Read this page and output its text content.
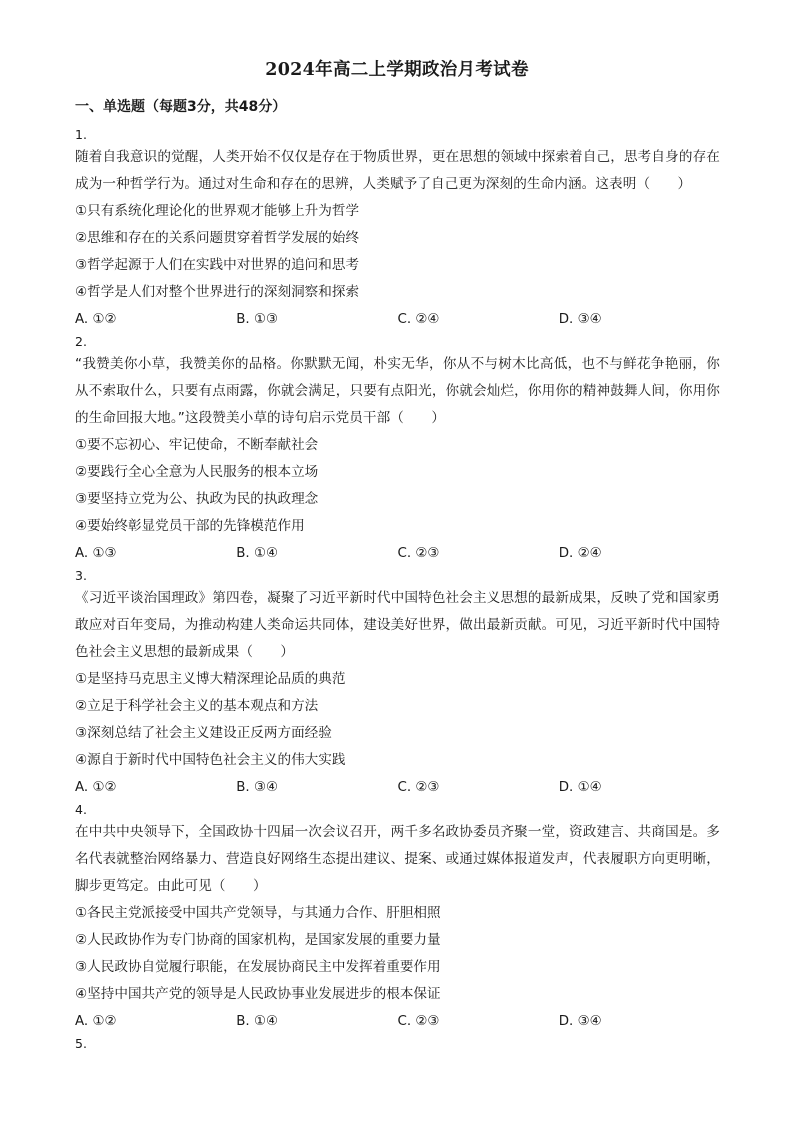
2024年高二上学期政治月考试卷
一、单选题（每题3分，共48分）
1.
随着自我意识的觉醒，人类开始不仅仅是存在于物质世界，更在思想的领域中探索着自己，思考自身的存在成为一种哲学行为。通过对生命和存在的思辨，人类赋予了自己更为深刻的生命内涵。这表明（　　）
①只有系统化理论化的世界观才能够上升为哲学
②思维和存在的关系问题贯穿着哲学发展的始终
③哲学起源于人们在实践中对世界的追问和思考
④哲学是人们对整个世界进行的深刻洞察和探索
A. ①②	B. ①③	C. ②④	D. ③④
2.
“我赞美你小草，我赞美你的品格。你默默无闻，朴实无华，你从不与树木比高低，也不与鲜花争艳丽，你从不索取什么，只要有点雨露，你就会满足，只要有点阳光，你就会灿烂，你用你的精神鼓舞人间，你用你的生命回报大地。”这段赞美小草的诗句启示党员干部（　　）
①要不忘初心、牢记使命，不断奉献社会
②要践行全心全意为人民服务的根本立场
③要坚持立党为公、执政为民的执政理念
④要始终彰显党员干部的先锋模范作用
A. ①③	B. ①④	C. ②③	D. ②④
3.
《习近平谈治国理政》第四卷，凝聚了习近平新时代中国特色社会主义思想的最新成果，反映了党和国家勇敢应对百年变局，为推动构建人类命运共同体，建设美好世界，做出最新贡献。可见，习近平新时代中国特色社会主义思想的最新成果（　　）
①是坚持马克思主义博大精深理论品质的典范
②立足于科学社会主义的基本观点和方法
③深刻总结了社会主义建设正反两方面经验
④源自于新时代中国特色社会主义的伟大实践
A. ①②	B. ③④	C. ②③	D. ①④
4.
在中共中央领导下，全国政协十四届一次会议召开，两千多名政协委员齐聚一堂，资政建言、共商国是。多名代表就整治网络暴力、营造良好网络生态提出建议、提案、或通过媒体报道发声，代表履职方向更明晰，脚步更笃定。由此可见（　　）
①各民主党派接受中国共产党领导，与其通力合作、肝胆相照
②人民政协作为专门协商的国家机构，是国家发展的重要力量
③人民政协自觉履行职能，在发展协商民主中发挥着重要作用
④坚持中国共产党的领导是人民政协事业发展进步的根本保证
A. ①②	B. ①④	C. ②③	D. ③④
5.
